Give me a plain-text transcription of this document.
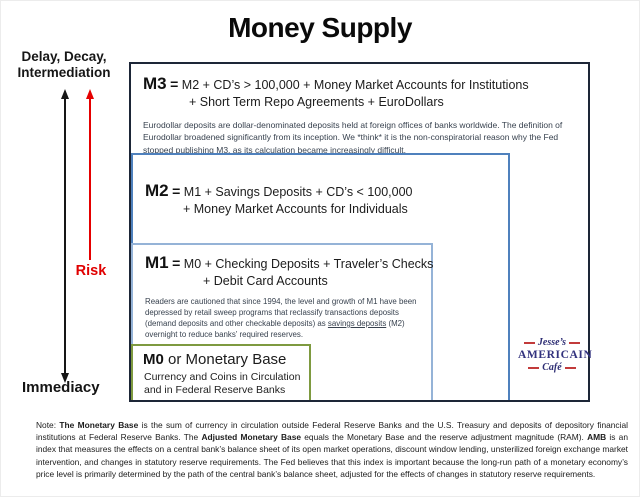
Money Supply
Delay, Decay,
Intermediation
Risk
Immediacy
M3 = M2 + CD’s > 100,000 + Money Market Accounts for Institutions
+ Short Term Repo Agreements + EuroDollars
Eurodollar deposits are dollar-denominated deposits held at foreign offices of banks worldwide. The definition of Eurodollar broadened significantly from its inception. We *think* it is the non-conspiratorial reason why the Fed stopped publishing M3, as its calculation became increasingly difficult.
M2 = M1 + Savings Deposits + CD’s < 100,000
+ Money Market Accounts for Individuals
M1 = M0 + Checking Deposits + Traveler’s Checks
+ Debit Card Accounts
Readers are cautioned that since 1994, the level and growth of M1 have been depressed by retail sweep programs that reclassify transactions deposits (demand deposits and other checkable deposits) as savings deposits (M2) overnight to reduce banks’ required reserves.
M0 or Monetary Base
Currency and Coins in Circulation
and in Federal Reserve Banks
Jesse’s
AMERICAIN
Café
Note: The Monetary Base is the sum of currency in circulation outside Federal Reserve Banks and the U.S. Treasury and deposits of depository financial institutions at Federal Reserve Banks. The Adjusted Monetary Base equals the Monetary Base and the reserve adjustment magnitude (RAM). AMB is an index that measures the effects on a central bank’s balance sheet of its open market operations, discount window lending, unsterilized foreign exchange market intervention, and changes in statutory reserve requirements. The Fed believes that this index is important because the long-run path of a monetary economy’s price level is primarily determined by the path of the central bank’s balance sheet, adjusted for the effects of changes in statutory reserve requirements.
